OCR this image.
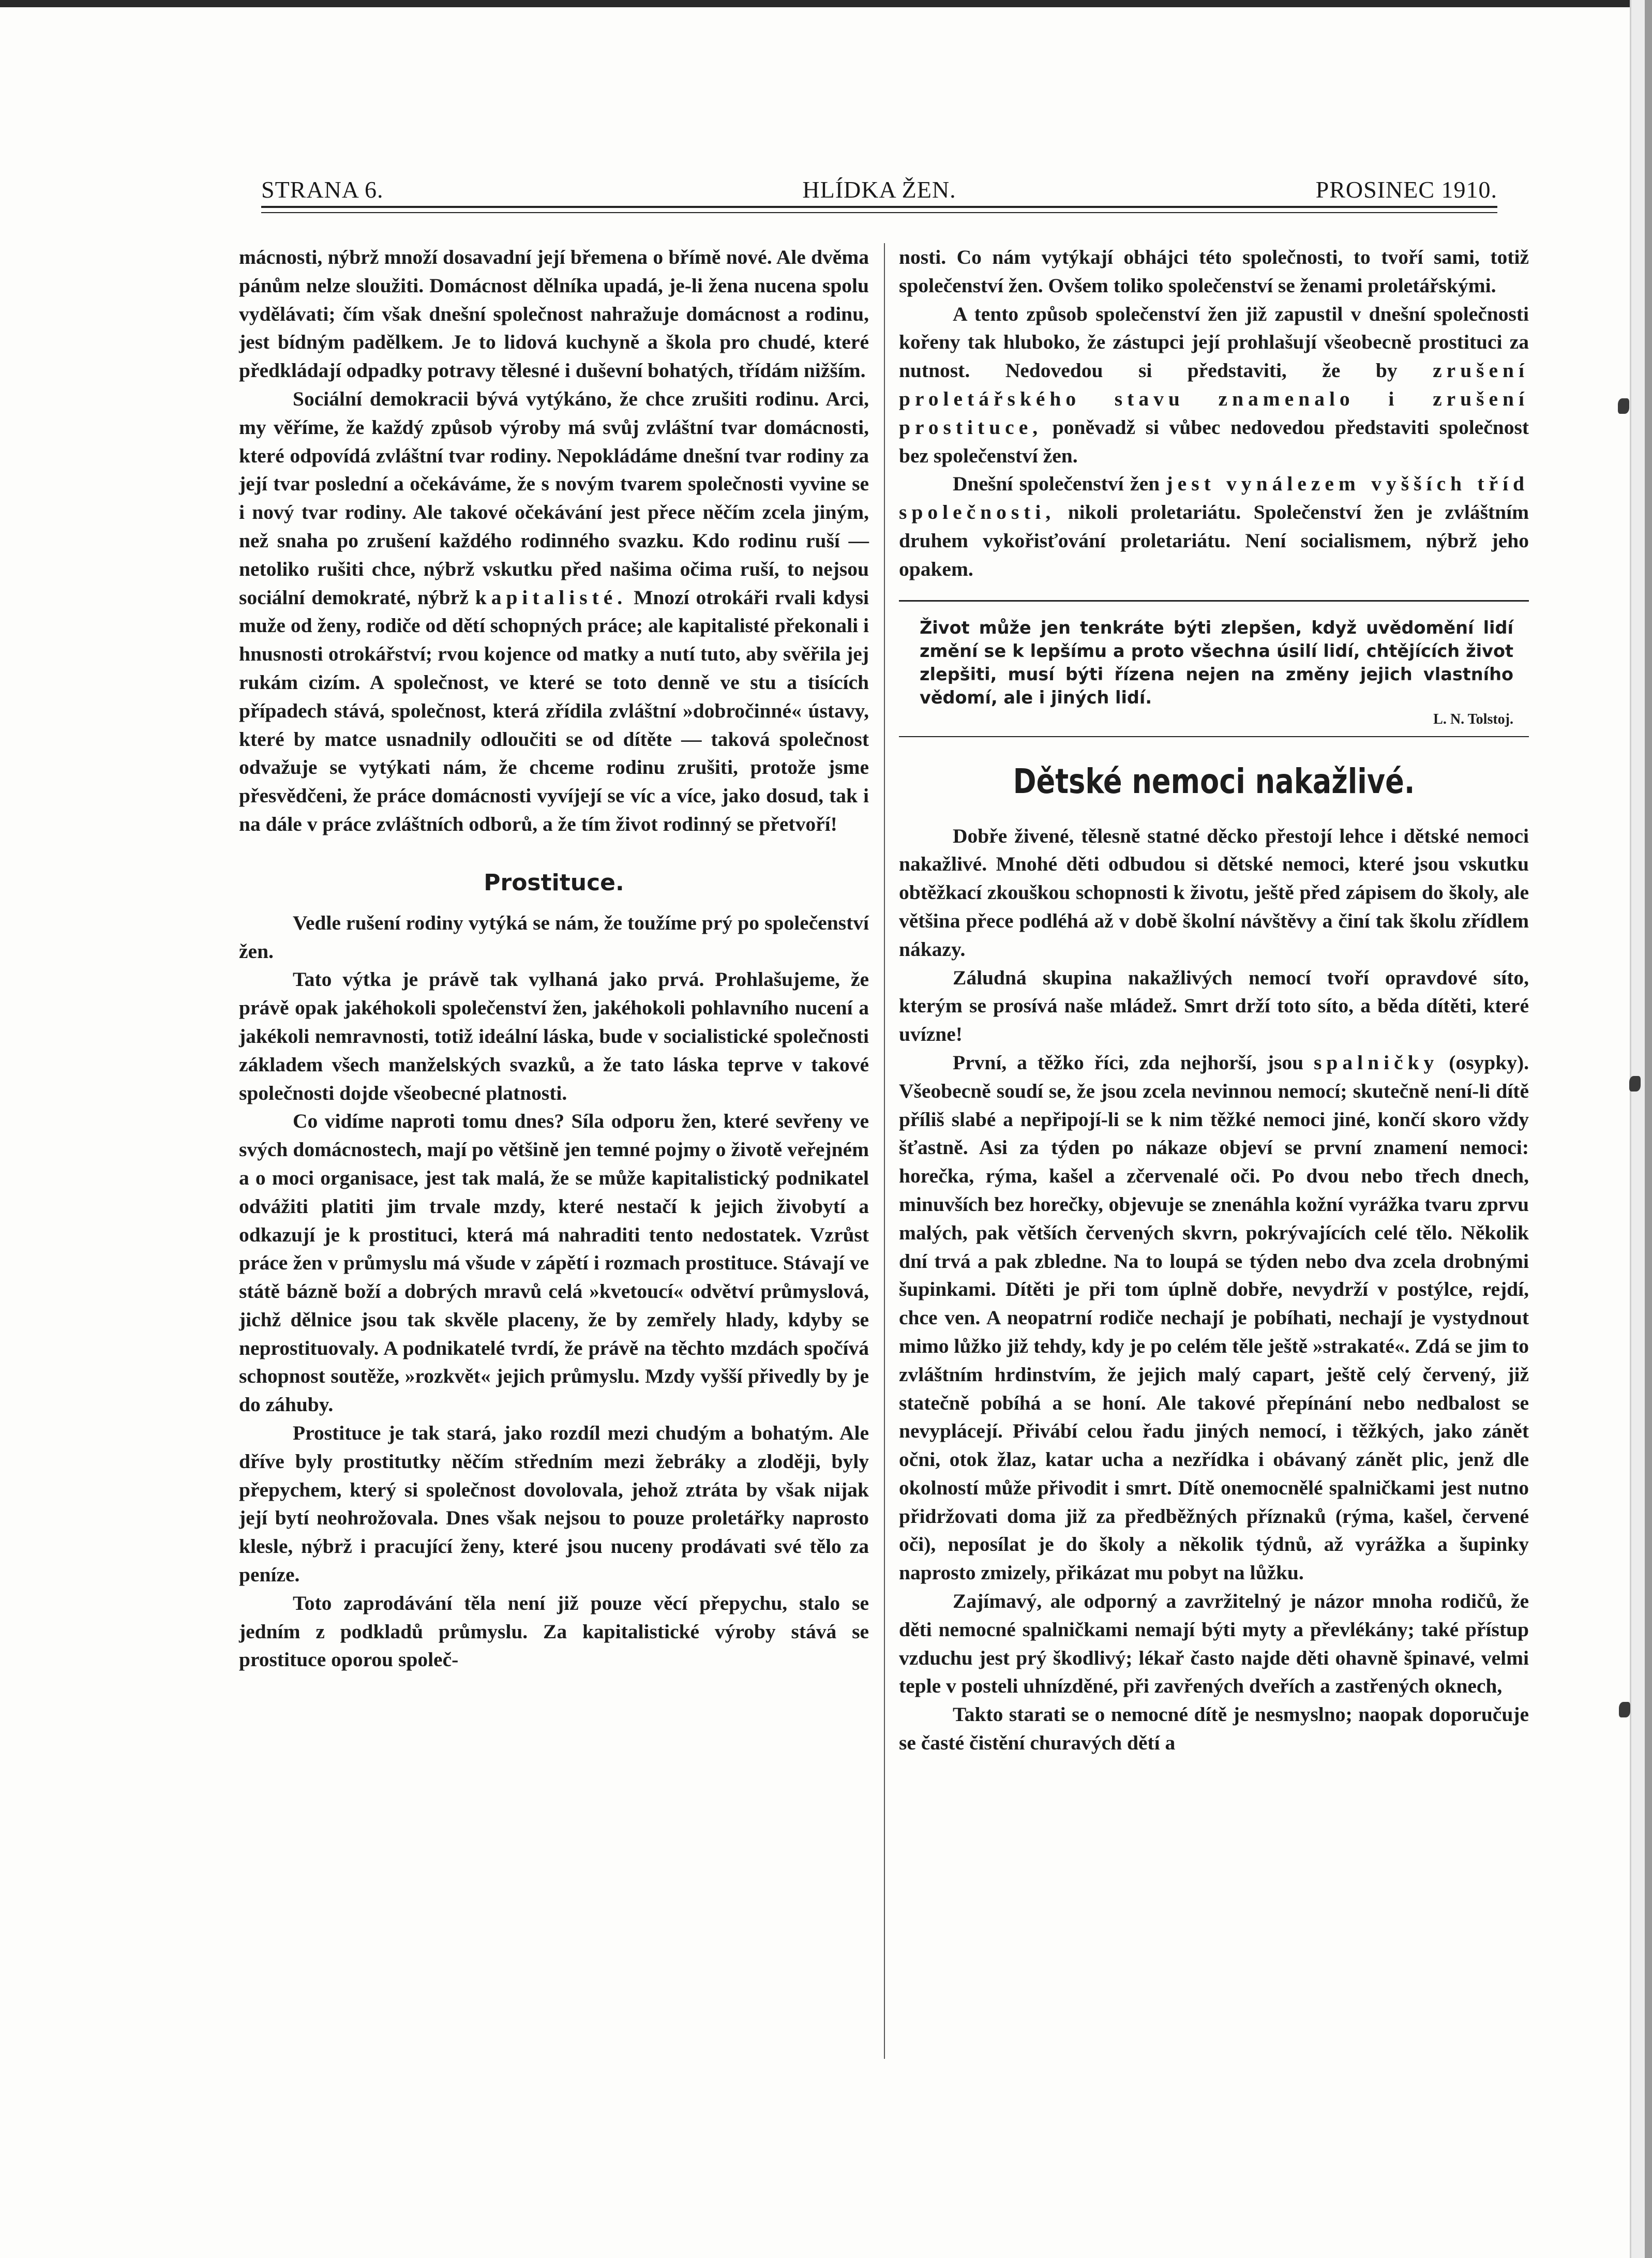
STRANA 6.	HLÍDKA ŽEN.	PROSINEC 1910.

mácnosti, nýbrž množí dosavadní její břemena o břímě nové. Ale dvěma pánům nelze sloužiti. Domácnost dělníka upadá, je-li žena nucena spolu vydělávati; čím však dnešní společnost nahražuje domácnost a rodinu, jest bídným padělkem. Je to lidová kuchyně a škola pro chudé, které předkládají odpadky potravy tělesné i duševní bohatých, třídám nižším.

Sociální demokracii bývá vytýkáno, že chce zrušiti rodinu. Arci, my věříme, že každý způsob výroby má svůj zvláštní tvar domácnosti, které odpovídá zvláštní tvar rodiny. Nepokládáme dnešní tvar rodiny za její tvar poslední a očekáváme, že s novým tvarem společnosti vyvine se i nový tvar rodiny. Ale takové očekávání jest přece něčím zcela jiným, než snaha po zrušení každého rodinného svazku. Kdo rodinu ruší — netoliko rušiti chce, nýbrž vskutku před našima očima ruší, to nejsou sociální demokraté, nýbrž kapitalisté. Mnozí otrokáři rvali kdysi muže od ženy, rodiče od dětí schopných práce; ale kapitalisté překonali i hnusnosti otrokářství; rvou kojence od matky a nutí tuto, aby svěřila jej rukám cizím. A společnost, ve které se toto denně ve stu a tisících případech stává, společnost, která zřídila zvláštní »dobročinné« ústavy, které by matce usnadnily odloučiti se od dítěte — taková společnost odvažuje se vytýkati nám, že chceme rodinu zrušiti, protože jsme přesvědčeni, že práce domácnosti vyvíjejí se víc a více, jako dosud, tak i na dále v práce zvláštních odborů, a že tím život rodinný se přetvoří!

Prostituce.

Vedle rušení rodiny vytýká se nám, že toužíme prý po společenství žen.

Tato výtka je právě tak vylhaná jako prvá. Prohlašujeme, že právě opak jakéhokoli společenství žen, jakéhokoli pohlavního nucení a jakékoli nemravnosti, totiž ideální láska, bude v socialistické společnosti základem všech manželských svazků, a že tato láska teprve v takové společnosti dojde všeobecné platnosti.

Co vidíme naproti tomu dnes? Síla odporu žen, které sevřeny ve svých domácnostech, mají po většině jen temné pojmy o životě veřejném a o moci organisace, jest tak malá, že se může kapitalistický podnikatel odvážiti platiti jim trvale mzdy, které nestačí k jejich živobytí a odkazují je k prostituci, která má nahraditi tento nedostatek. Vzrůst práce žen v průmyslu má všude v zápětí i rozmach prostituce. Stávají ve státě bázně boží a dobrých mravů celá »kvetoucí« odvětví průmyslová, jichž dělnice jsou tak skvěle placeny, že by zemřely hlady, kdyby se neprostituovaly. A podnikatelé tvrdí, že právě na těchto mzdách spočívá schopnost soutěže, »rozkvět« jejich průmyslu. Mzdy vyšší přivedly by je do záhuby.

Prostituce je tak stará, jako rozdíl mezi chudým a bohatým. Ale dříve byly prostitutky něčím středním mezi žebráky a zloději, byly přepychem, který si společnost dovolovala, jehož ztráta by však nijak její bytí neohrožovala. Dnes však nejsou to pouze proletářky naprosto klesle, nýbrž i pracující ženy, které jsou nuceny prodávati své tělo za peníze.

Toto zaprodávání těla není již pouze věcí přepychu, stalo se jedním z podkladů průmyslu. Za kapitalistické výroby stává se prostituce oporou společ-

nosti. Co nám vytýkají obhájci této společnosti, to tvoří sami, totiž společenství žen. Ovšem toliko společenství se ženami proletářskými.

A tento způsob společenství žen již zapustil v dnešní společnosti kořeny tak hluboko, že zástupci její prohlašují všeobecně prostituci za nutnost. Nedovedou si představiti, že by zrušení proletářského stavu znamenalo i zrušení prostituce, poněvadž si vůbec nedovedou představiti společnost bez společenství žen.

Dnešní společenství žen jest vynálezem vyšších tříd společnosti, nikoli proletariátu. Společenství žen je zvláštním druhem vykořisťování proletariátu. Není socialismem, nýbrž jeho opakem.

Život může jen tenkráte býti zlepšen, když uvědomění lidí změní se k lepšímu a proto všechna úsilí lidí, chtějících život zlepšiti, musí býti řízena nejen na změny jejich vlastního vědomí, ale i jiných lidí.
L. N. Tolstoj.
Dětské nemoci nakažlivé.

Dobře živené, tělesně statné děcko přestojí lehce i dětské nemoci nakažlivé. Mnohé děti odbudou si dětské nemoci, které jsou vskutku obtěžkací zkouškou schopnosti k životu, ještě před zápisem do školy, ale většina přece podléhá až v době školní návštěvy a činí tak školu zřídlem nákazy.

Záludná skupina nakažlivých nemocí tvoří opravdové síto, kterým se prosívá naše mládež. Smrt drží toto síto, a běda dítěti, které uvízne!

První, a těžko říci, zda nejhorší, jsou spalničky (osypky). Všeobecně soudí se, že jsou zcela nevinnou nemocí; skutečně není-li dítě příliš slabé a nepřipojí-li se k nim těžké nemoci jiné, končí skoro vždy šťastně. Asi za týden po nákaze objeví se první znamení nemoci: horečka, rýma, kašel a zčervenalé oči. Po dvou nebo třech dnech, minuvších bez horečky, objevuje se znenáhla kožní vyrážka tvaru zprvu malých, pak větších červených skvrn, pokrývajících celé tělo. Několik dní trvá a pak zbledne. Na to loupá se týden nebo dva zcela drobnými šupinkami. Dítěti je při tom úplně dobře, nevydrží v postýlce, rejdí, chce ven. A neopatrní rodiče nechají je pobíhati, nechají je vystydnout mimo lůžko již tehdy, kdy je po celém těle ještě »strakaté«. Zdá se jim to zvláštním hrdinstvím, že jejich malý capart, ještě celý červený, již statečně pobíhá a se honí. Ale takové přepínání nebo nedbalost se nevyplácejí. Přivábí celou řadu jiných nemocí, i těžkých, jako zánět očni, otok žlaz, katar ucha a nezřídka i obávaný zánět plic, jenž dle okolností může přivodit i smrt. Dítě onemocnělé spalničkami jest nutno přidržovati doma již za předběžných příznaků (rýma, kašel, červené oči), neposílat je do školy a několik týdnů, až vyrážka a šupinky naprosto zmizely, přikázat mu pobyt na lůžku.

Zajímavý, ale odporný a zavržitelný je názor mnoha rodičů, že děti nemocné spalničkami nemají býti myty a převlékány; také přístup vzduchu jest prý škodlivý; lékař často najde děti ohavně špinavé, velmi teple v posteli uhnízděné, při zavřených dveřích a zastřených oknech,

Takto starati se o nemocné dítě je nesmyslno; naopak doporučuje se časté čistění churavých dětí a
